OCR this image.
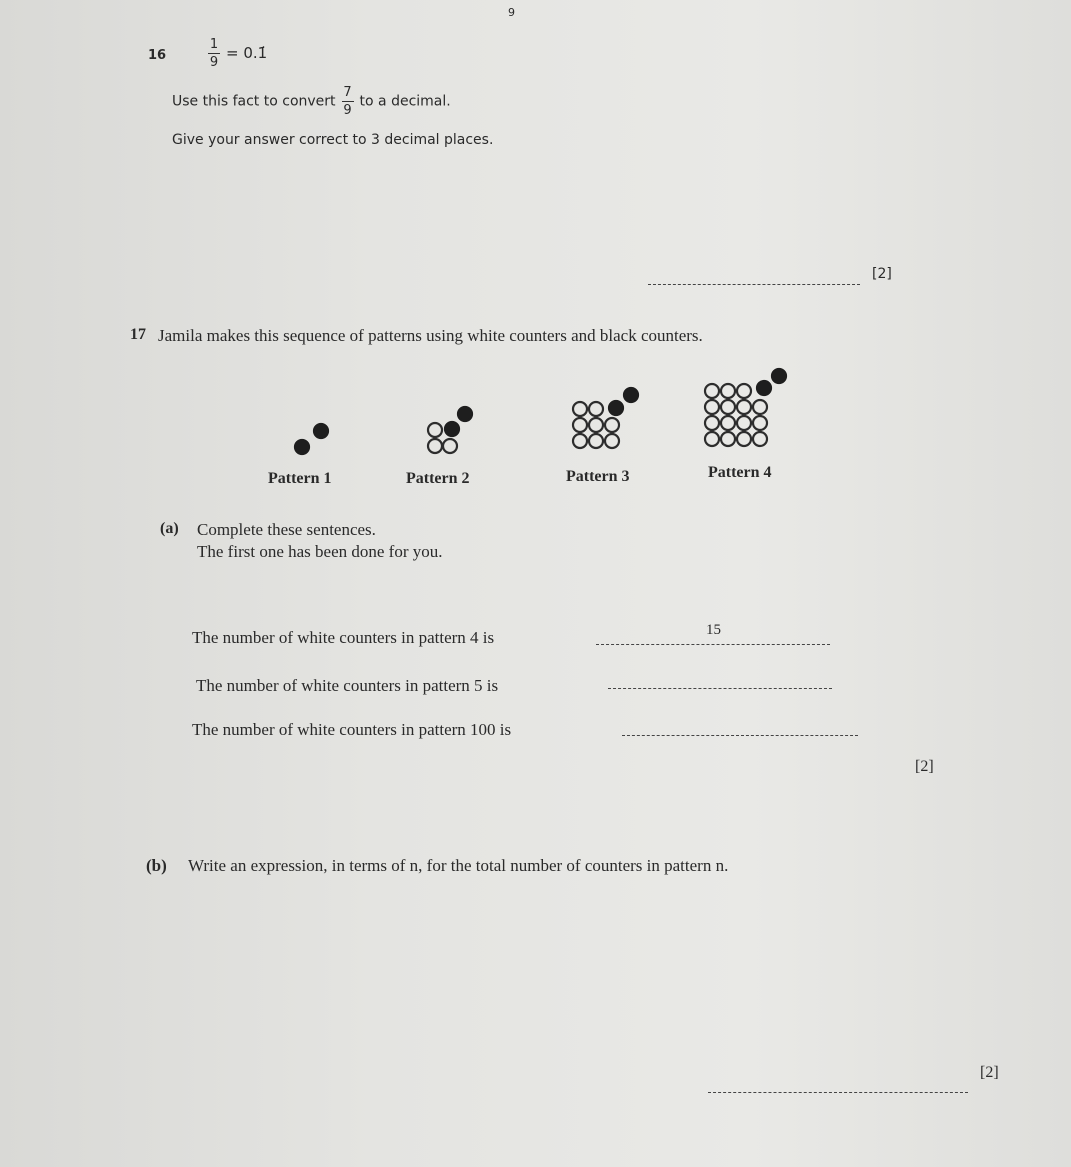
9
16	$\frac{1}{9}$ = 0.1̇
Use this fact to convert $\frac{7}{9}$ to a decimal.
Give your answer correct to 3 decimal places.
[2]
17 Jamila makes this sequence of patterns using white counters and black counters.
Pattern 1	Pattern 2	Pattern 3	Pattern 4
(a) Complete these sentences.
The first one has been done for you.
The number of white counters in pattern 4 is	15
The number of white counters in pattern 5 is
The number of white counters in pattern 100 is
[2]
(b) Write an expression, in terms of n, for the total number of counters in pattern n.
[2]
